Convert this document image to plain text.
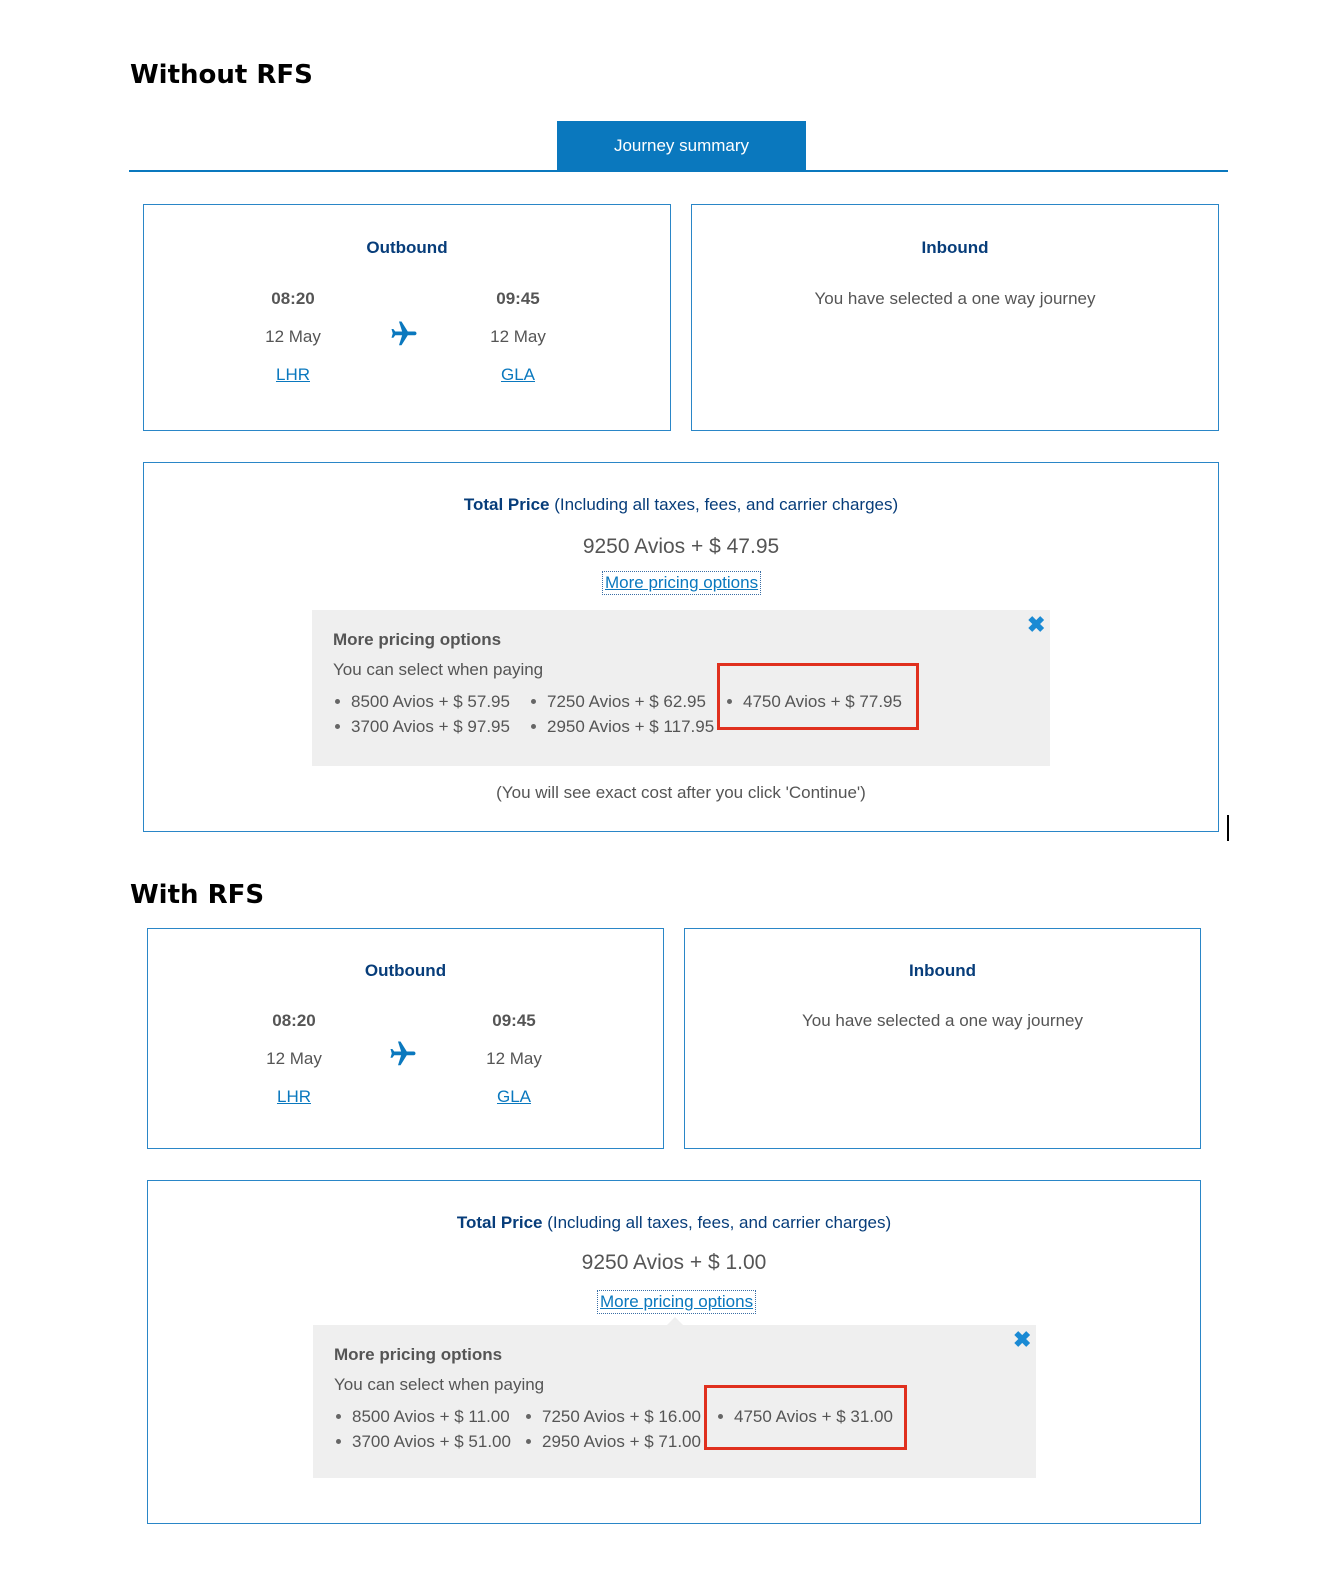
Without RFS
Journey summary
Outbound
08:20
12 May
LHR
09:45
12 May
GLA
Inbound
You have selected a one way journey
Total Price (Including all taxes, fees, and carrier charges)
9250 Avios + $ 47.95
More pricing options
More pricing options
You can select when paying
✖
8500 Avios + $ 57.95	7250 Avios + $ 62.95	4750 Avios + $ 77.95
3700 Avios + $ 97.95	2950 Avios + $ 117.95
(You will see exact cost after you click 'Continue')
With RFS
Outbound
08:20
12 May
LHR
09:45
12 May
GLA
Inbound
You have selected a one way journey
Total Price (Including all taxes, fees, and carrier charges)
9250 Avios + $ 1.00
More pricing options
More pricing options
You can select when paying
✖
8500 Avios + $ 11.00	7250 Avios + $ 16.00	4750 Avios + $ 31.00
3700 Avios + $ 51.00	2950 Avios + $ 71.00
